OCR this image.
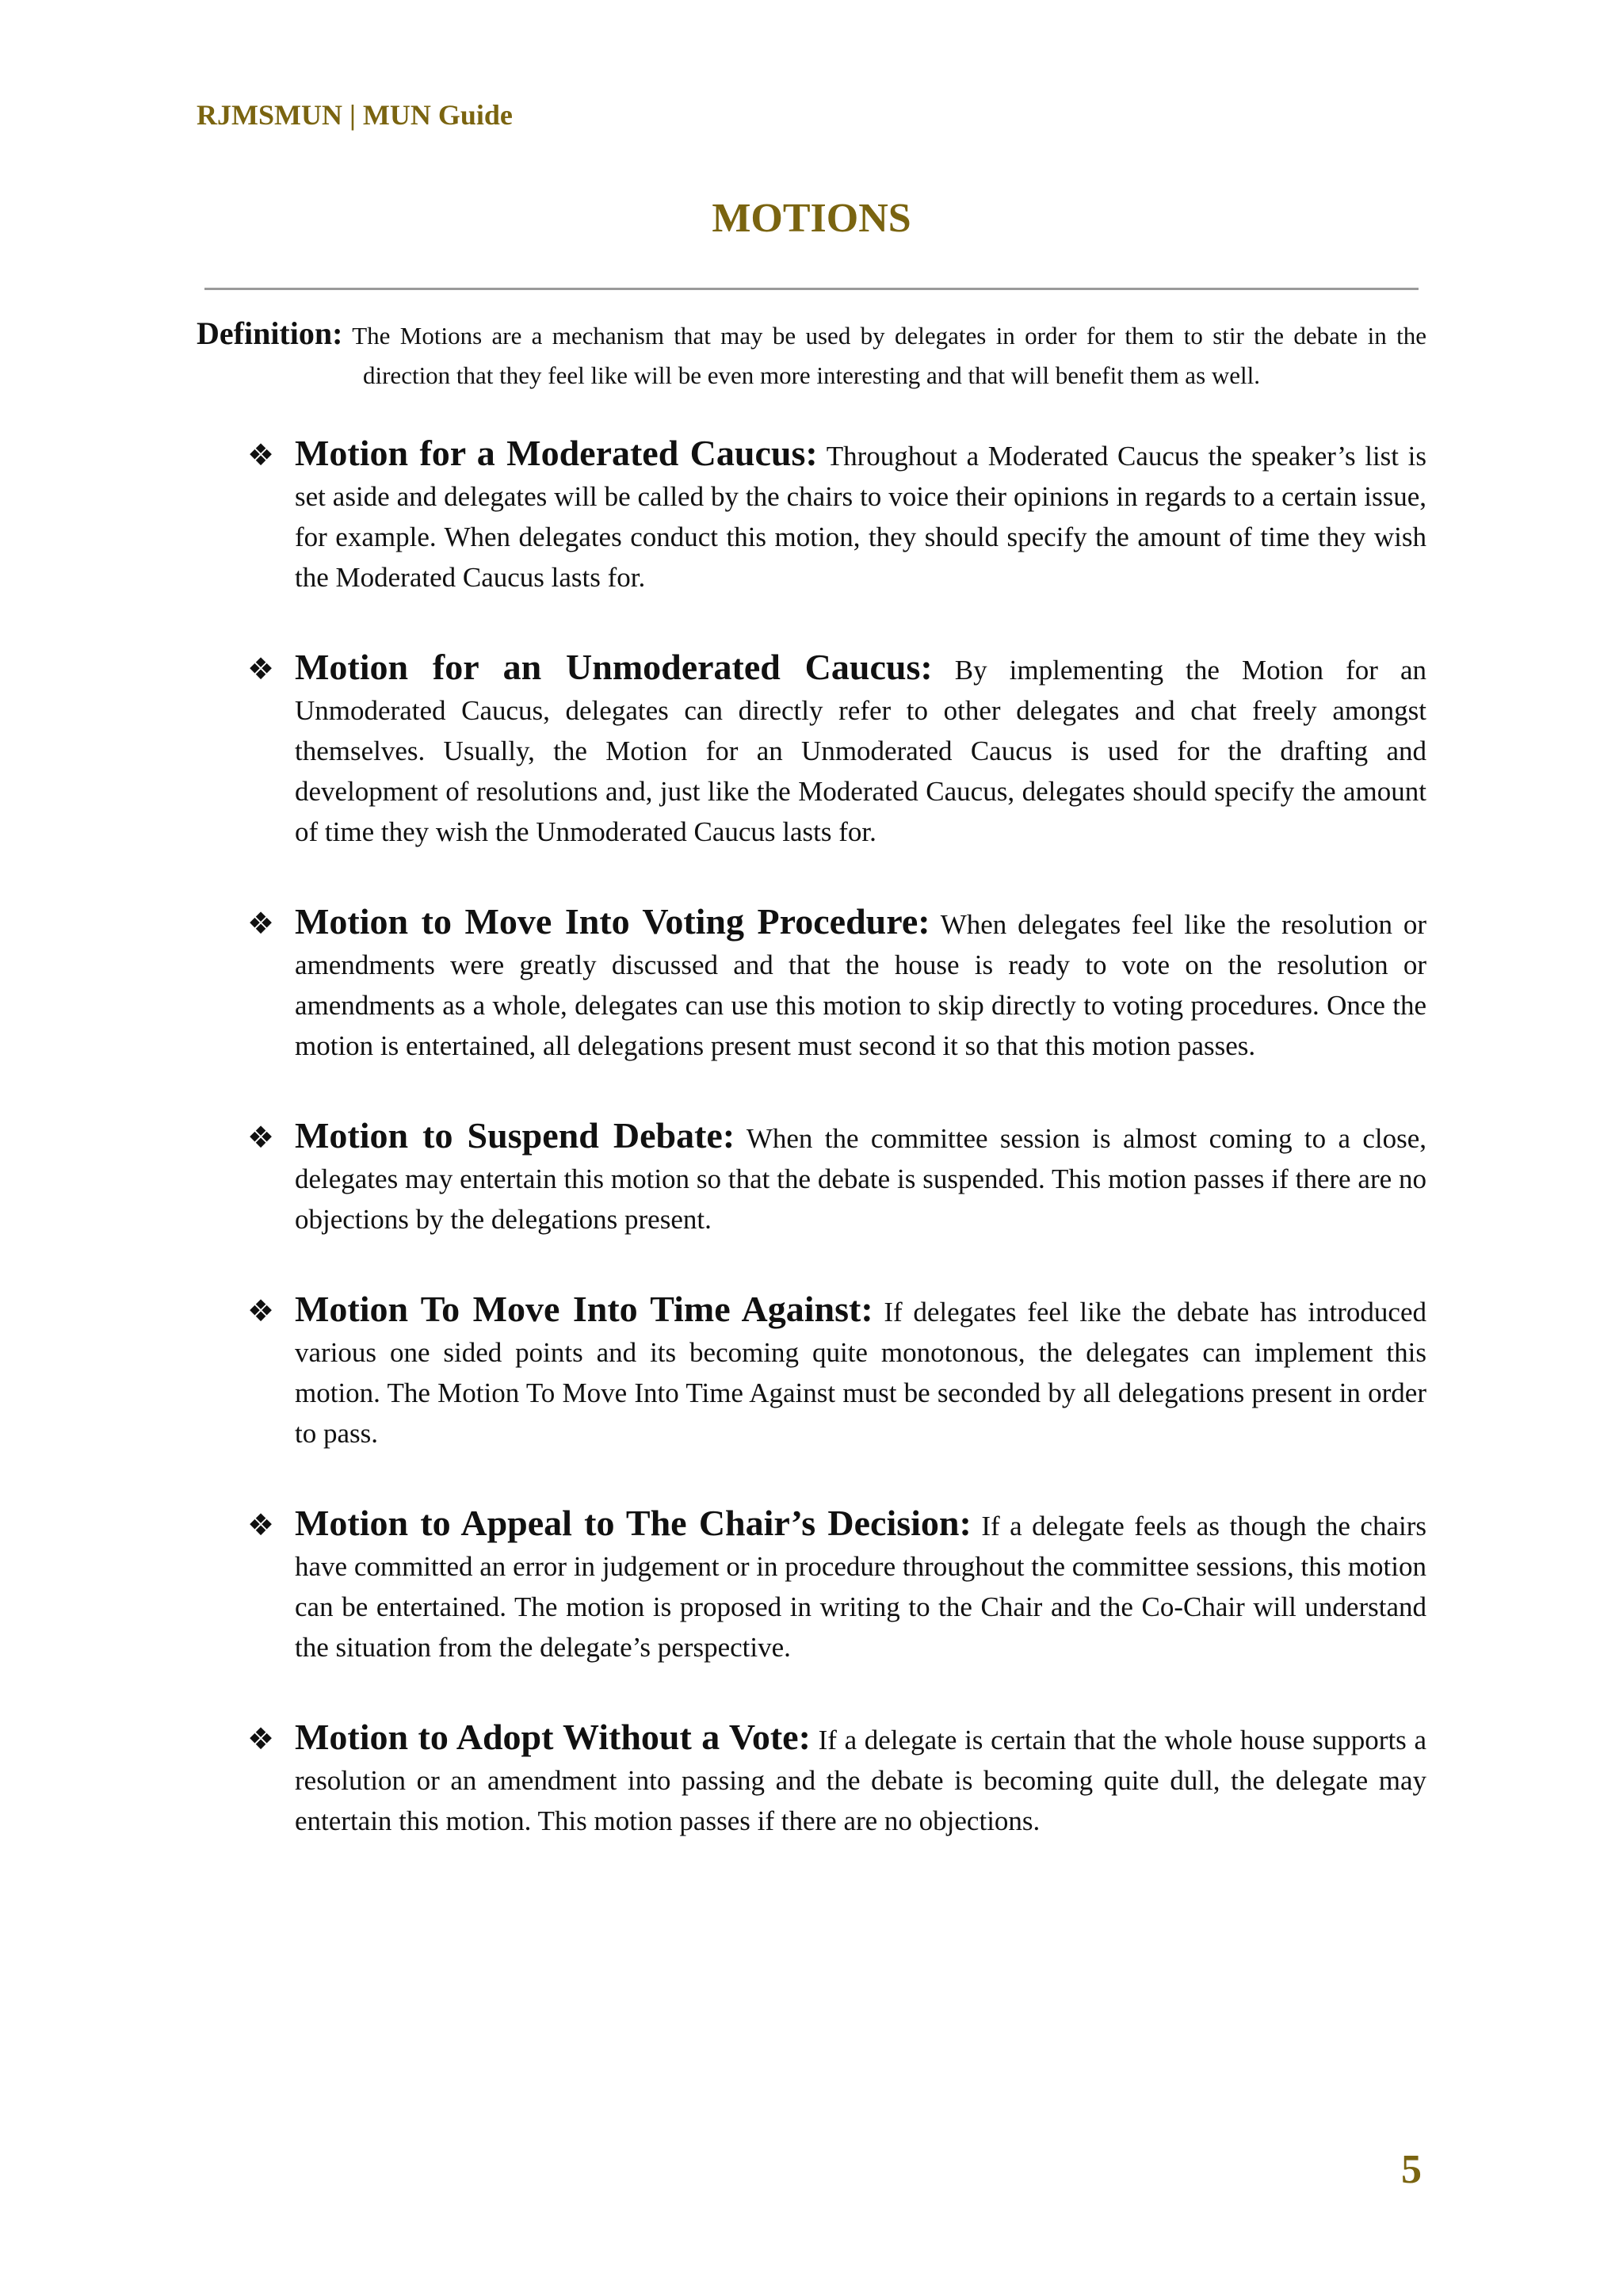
RJMSMUN | MUN Guide
MOTIONS
Definition: The Motions are a mechanism that may be used by delegates in order for them to stir the debate in the direction that they feel like will be even more interesting and that will benefit them as well.
❖ Motion for a Moderated Caucus: Throughout a Moderated Caucus the speaker’s list is set aside and delegates will be called by the chairs to voice their opinions in regards to a certain issue, for example. When delegates conduct this motion, they should specify the amount of time they wish the Moderated Caucus lasts for.
❖ Motion for an Unmoderated Caucus: By implementing the Motion for an Unmoderated Caucus, delegates can directly refer to other delegates and chat freely amongst themselves. Usually, the Motion for an Unmoderated Caucus is used for the drafting and development of resolutions and, just like the Moderated Caucus, delegates should specify the amount of time they wish the Unmoderated Caucus lasts for.
❖ Motion to Move Into Voting Procedure: When delegates feel like the resolution or amendments were greatly discussed and that the house is ready to vote on the resolution or amendments as a whole, delegates can use this motion to skip directly to voting procedures. Once the motion is entertained, all delegations present must second it so that this motion passes.
❖ Motion to Suspend Debate: When the committee session is almost coming to a close, delegates may entertain this motion so that the debate is suspended. This motion passes if there are no objections by the delegations present.
❖ Motion To Move Into Time Against: If delegates feel like the debate has introduced various one sided points and its becoming quite monotonous, the delegates can implement this motion. The Motion To Move Into Time Against must be seconded by all delegations present in order to pass.
❖ Motion to Appeal to The Chair’s Decision: If a delegate feels as though the chairs have committed an error in judgement or in procedure throughout the committee sessions, this motion can be entertained. The motion is proposed in writing to the Chair and the Co-Chair will understand the situation from the delegate’s perspective.
❖ Motion to Adopt Without a Vote: If a delegate is certain that the whole house supports a resolution or an amendment into passing and the debate is becoming quite dull, the delegate may entertain this motion. This motion passes if there are no objections.
5
